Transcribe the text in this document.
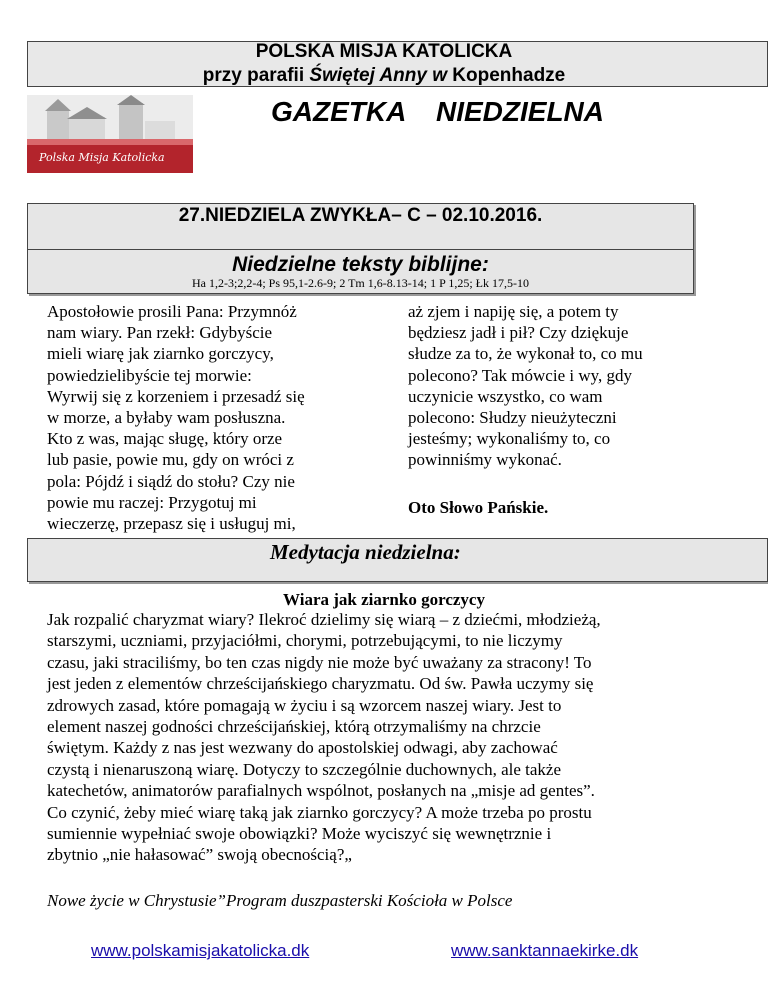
POLSKA MISJA KATOLICKA
przy parafii Świętej Anny w Kopenhadze
Polska Misja Katolicka
GAZETKA NIEDZIELNA
27.NIEDZIELA ZWYKŁA– C – 02.10.2016.
Niedzielne teksty biblijne:
Ha 1,2-3;2,2-4; Ps 95,1-2.6-9; 2 Tm 1,6-8.13-14; 1 P 1,25; Łk 17,5-10
Apostołowie prosili Pana: Przymnóż
nam wiary. Pan rzekł: Gdybyście
mieli wiarę jak ziarnko gorczycy,
powiedzielibyście tej morwie:
Wyrwij się z korzeniem i przesadź się
w morze, a byłaby wam posłuszna.
Kto z was, mając sługę, który orze
lub pasie, powie mu, gdy on wróci z
pola: Pójdź i siądź do stołu? Czy nie
powie mu raczej: Przygotuj mi
wieczerzę, przepasz się i usługuj mi,
aż zjem i napiję się, a potem ty
będziesz jadł i pił? Czy dziękuje
słudze za to, że wykonał to, co mu
polecono? Tak mówcie i wy, gdy
uczynicie wszystko, co wam
polecono: Słudzy nieużyteczni
jesteśmy; wykonaliśmy to, co
powinniśmy wykonać.
Oto Słowo Pańskie.
Medytacja niedzielna:
Wiara jak ziarnko gorczycy
Jak rozpalić charyzmat wiary? Ilekroć dzielimy się wiarą – z dziećmi, młodzieżą,
starszymi, uczniami, przyjaciółmi, chorymi, potrzebującymi, to nie liczymy
czasu, jaki straciliśmy, bo ten czas nigdy nie może być uważany za stracony! To
jest jeden z elementów chrześcijańskiego charyzmatu. Od św. Pawła uczymy się
zdrowych zasad, które pomagają w życiu i są wzorcem naszej wiary. Jest to
element naszej godności chrześcijańskiej, którą otrzymaliśmy na chrzcie
świętym. Każdy z nas jest wezwany do apostolskiej odwagi, aby zachować
czystą i nienaruszoną wiarę. Dotyczy to szczególnie duchownych, ale także
katechetów, animatorów parafialnych wspólnot, posłanych na „misje ad gentes”.
Co czynić, żeby mieć wiarę taką jak ziarnko gorczycy? A może trzeba po prostu
sumiennie wypełniać swoje obowiązki? Może wyciszyć się wewnętrznie i
zbytnio „nie hałasować” swoją obecnością?„
Nowe życie w Chrystusie”Program duszpasterski Kościoła w Polsce
www.polskamisjakatolicka.dk	www.sanktannaekirke.dk
